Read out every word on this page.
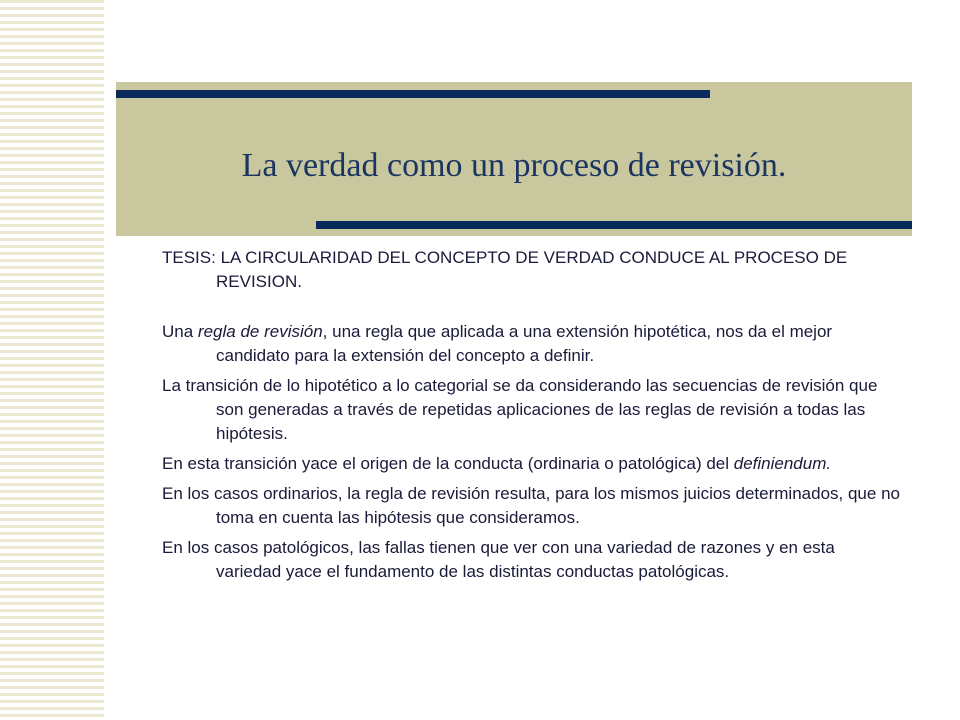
La verdad como un proceso de revisión.

TESIS: LA CIRCULARIDAD DEL CONCEPTO DE VERDAD CONDUCE AL PROCESO DE REVISION.

Una regla de revisión, una regla que aplicada a una extensión hipotética, nos da el mejor candidato para la extensión del concepto a definir.

La transición de lo hipotético a lo categorial se da considerando las secuencias de revisión que son generadas a través de repetidas aplicaciones de las reglas de revisión a todas las hipótesis.

En esta transición yace el origen de la conducta (ordinaria o patológica) del definiendum.

En los casos ordinarios, la regla de revisión resulta, para los mismos juicios determinados, que no toma en cuenta las hipótesis que consideramos.

En los casos patológicos, las fallas tienen que ver con una variedad de razones y en esta variedad yace el fundamento de las distintas conductas patológicas.
